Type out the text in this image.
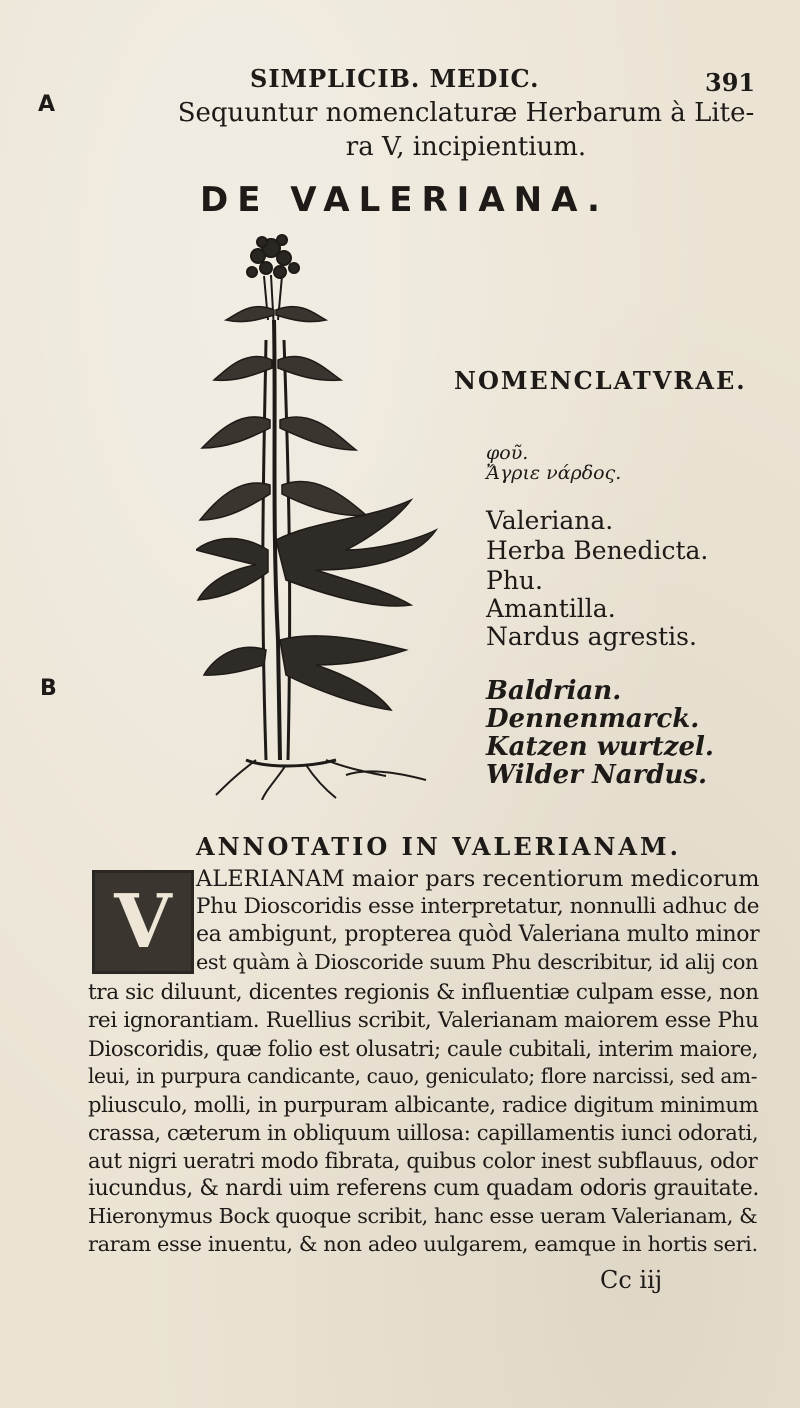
A
B
SIMPLICIB. MEDIC.	391
Sequuntur nomenclaturæ Herbarum à Lite-
ra V, incipientium.
DE VALERIANA.
NOMENCLATVRAE.
φοῦ.
Ἄγριε νάρδος.
Valeriana.
Herba Benedicta.
Phu.
Amantilla.
Nardus agrestis.
Baldrian.
Dennenmarck.
Katzen wurtzel.
Wilder Nardus.
ANNOTATIO IN VALERIANAM.
V ALERIANAM maior pars recentiorum medicorum
Phu Dioscoridis esse interpretatur, nonnulli adhuc de
ea ambigunt, propterea quòd Valeriana multo minor
est quàm à Dioscoride suum Phu describitur, id alij con
tra sic diluunt, dicentes regionis & influentiæ culpam esse, non
rei ignorantiam. Ruellius scribit, Valerianam maiorem esse Phu
Dioscoridis, quæ folio est olusatri; caule cubitali, interim maiore,
leui, in purpura candicante, cauo, geniculato; flore narcissi, sed am-
pliusculo, molli, in purpuram albicante, radice digitum minimum
crassa, cæterum in obliquum uillosa: capillamentis iunci odorati,
aut nigri ueratri modo fibrata, quibus color inest subflauus, odor
iucundus, & nardi uim referens cum quadam odoris grauitate.
Hieronymus Bock quoque scribit, hanc esse ueram Valerianam, &
raram esse inuentu, & non adeo uulgarem, eamque in hortis seri.
Cc iij
